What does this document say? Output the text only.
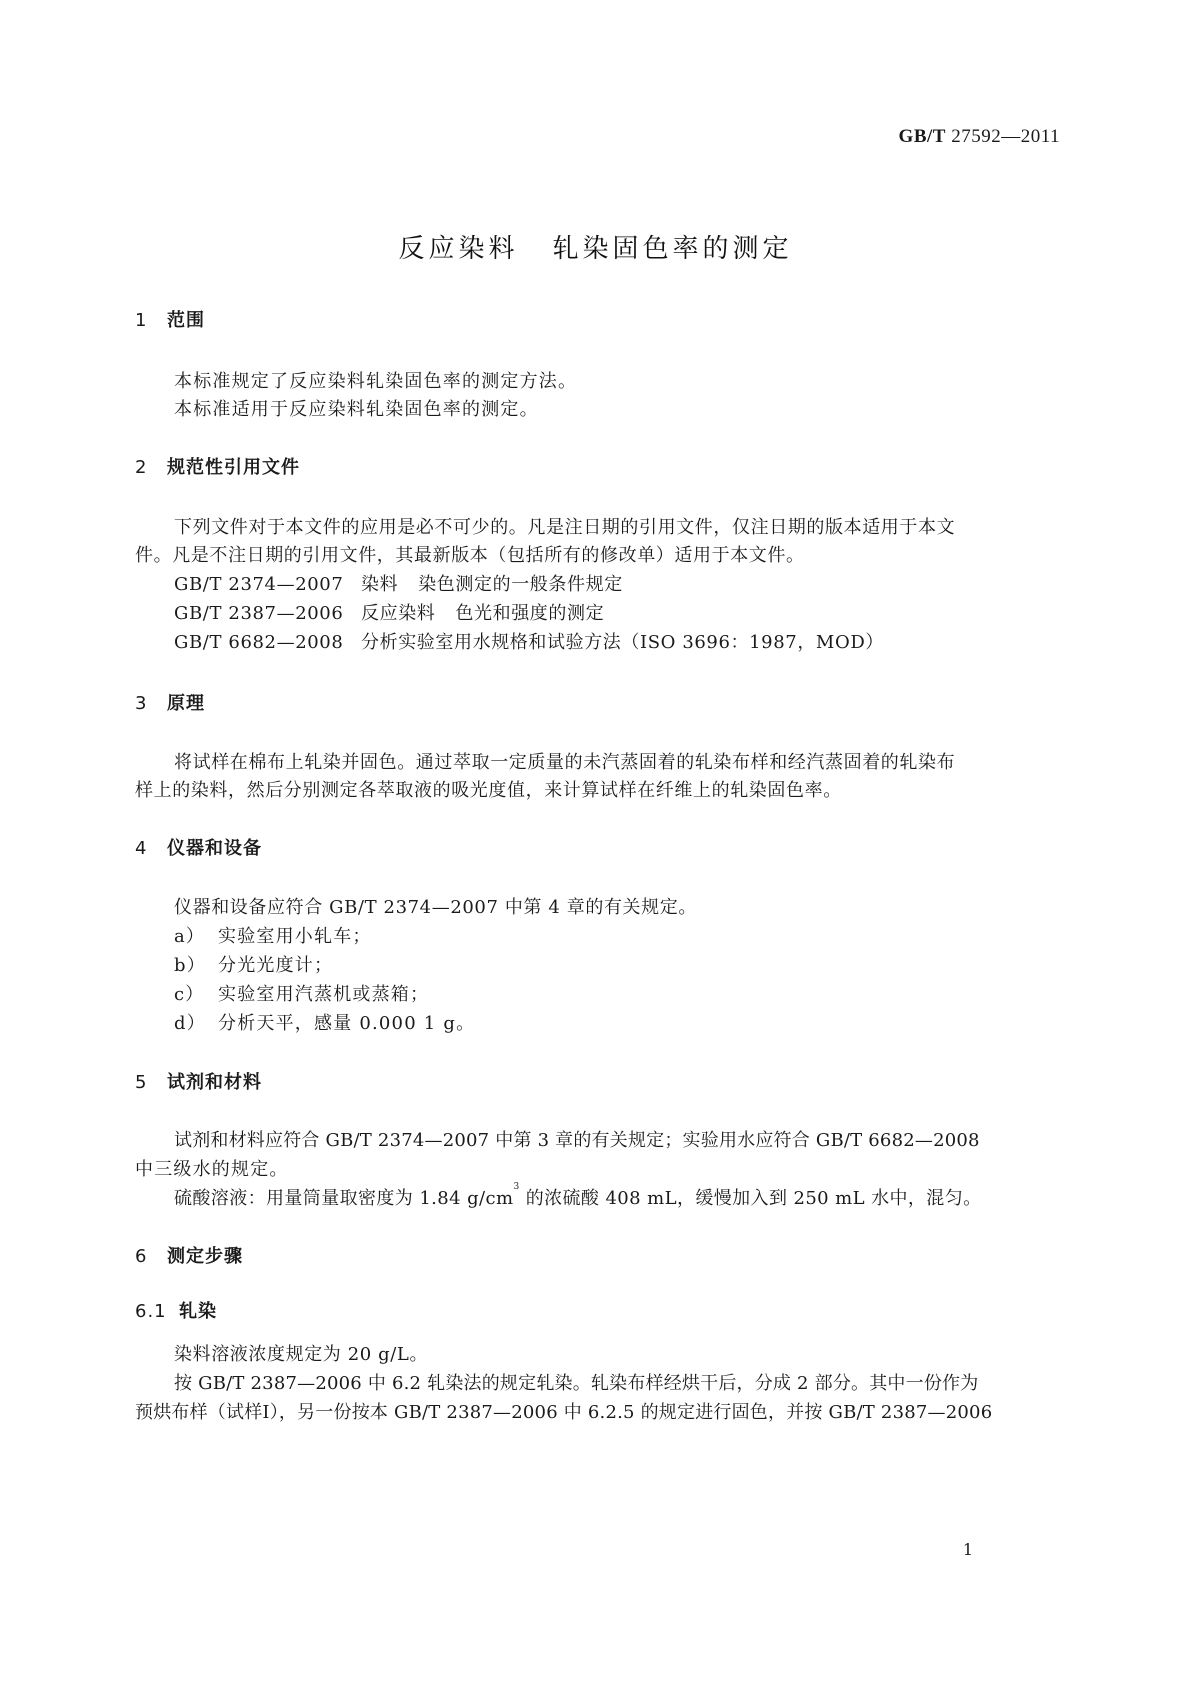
GB/T 27592—2011
反应染料 轧染固色率的测定
1 范围
本标准规定了反应染料轧染固色率的测定方法。
本标准适用于反应染料轧染固色率的测定。
2 规范性引用文件
下列文件对于本文件的应用是必不可少的。凡是注日期的引用文件，仅注日期的版本适用于本文
件。凡是不注日期的引用文件，其最新版本（包括所有的修改单）适用于本文件。
GB/T 2374—2007 染料 染色测定的一般条件规定
GB/T 2387—2006 反应染料 色光和强度的测定
GB/T 6682—2008 分析实验室用水规格和试验方法（ISO 3696：1987，MOD）
3 原理
将试样在棉布上轧染并固色。通过萃取一定质量的未汽蒸固着的轧染布样和经汽蒸固着的轧染布
样上的染料，然后分别测定各萃取液的吸光度值，来计算试样在纤维上的轧染固色率。
4 仪器和设备
仪器和设备应符合 GB/T 2374—2007 中第 4 章的有关规定。
a） 实验室用小轧车；
b） 分光光度计；
c） 实验室用汽蒸机或蒸箱；
d） 分析天平，感量 0.000 1 g。
5 试剂和材料
试剂和材料应符合 GB/T 2374—2007 中第 3 章的有关规定；实验用水应符合 GB/T 6682—2008
中三级水的规定。
硫酸溶液：用量筒量取密度为 1.84 $g/cm^3$ 的浓硫酸 408 mL，缓慢加入到 250 mL 水中，混匀。
6 测定步骤
6.1 轧染
染料溶液浓度规定为 20 g/L。
按 GB/T 2387—2006 中 6.2 轧染法的规定轧染。轧染布样经烘干后，分成 2 部分。其中一份作为
预烘布样（试样Ⅰ），另一份按本 GB/T 2387—2006 中 6.2.5 的规定进行固色，并按 GB/T 2387—2006
1
